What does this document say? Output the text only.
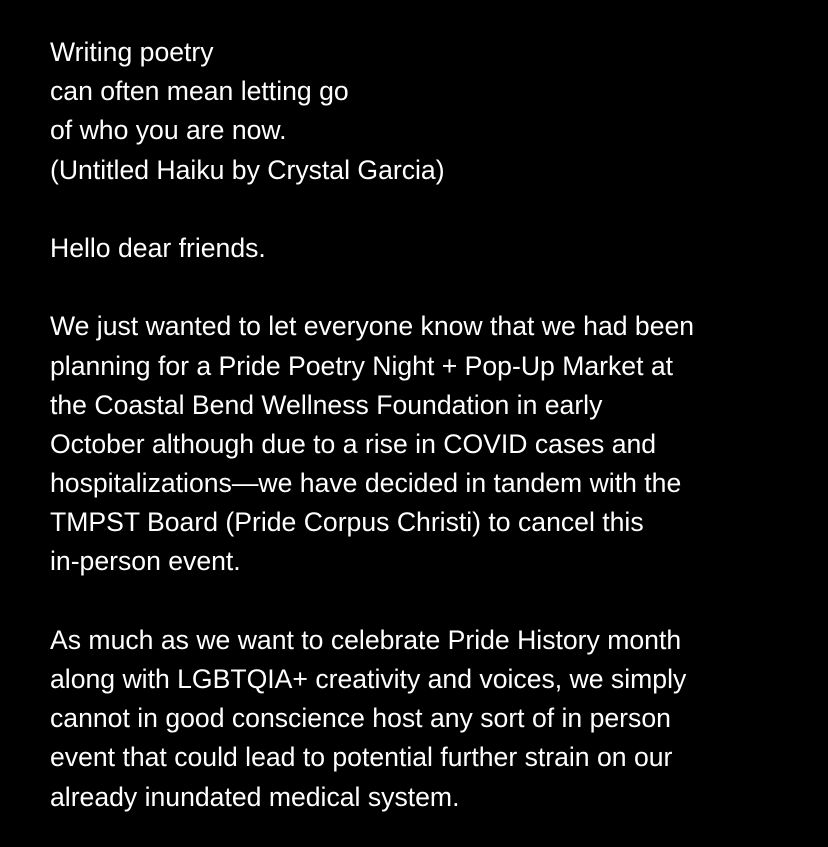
Writing poetry
can often mean letting go
of who you are now.
(Untitled Haiku by Crystal Garcia)
Hello dear friends.
We just wanted to let everyone know that we had been
planning for a Pride Poetry Night + Pop-Up Market at
the Coastal Bend Wellness Foundation in early
October although due to a rise in COVID cases and
hospitalizations—we have decided in tandem with the
TMPST Board (Pride Corpus Christi) to cancel this
in-person event.
As much as we want to celebrate Pride History month
along with LGBTQIA+ creativity and voices, we simply
cannot in good conscience host any sort of in person
event that could lead to potential further strain on our
already inundated medical system.
